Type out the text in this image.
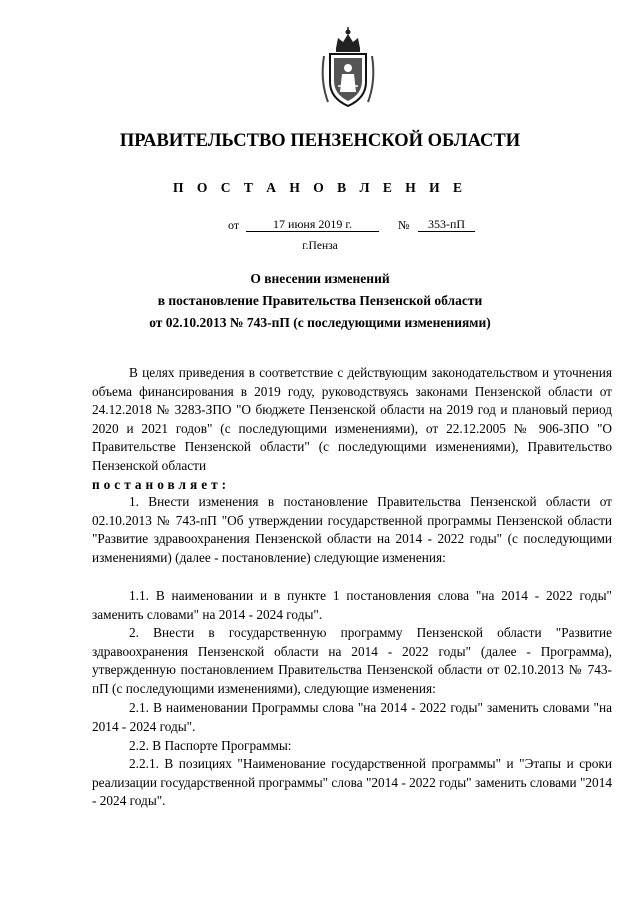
ПРАВИТЕЛЬСТВО ПЕНЗЕНСКОЙ ОБЛАСТИ
П О С Т А Н О В Л Е Н И Е
от	17 июня 2019 г.	№	353-пП
г.Пенза
О внесении изменений
в постановление Правительства Пензенской области
от 02.10.2013 № 743-пП (с последующими изменениями)

В целях приведения в соответствие с действующим законодательством и уточнения объема финансирования в 2019 году, руководствуясь законами Пензенской области от 24.12.2018 № 3283-ЗПО "О бюджете Пензенской области на 2019 год и плановый период 2020 и 2021 годов" (с последующими изменениями), от 22.12.2005 № 906-ЗПО "О Правительстве Пензенской области" (с последующими изменениями), Правительство Пензенской области
постановляет:

1. Внести изменения в постановление Правительства Пензенской области от 02.10.2013 № 743-пП "Об утверждении государственной программы Пензенской области "Развитие здравоохранения Пензенской области на 2014 - 2022 годы" (с последующими изменениями) (далее - постановление) следующие изменения:

1.1. В наименовании и в пункте 1 постановления слова "на 2014 - 2022 годы" заменить словами" на 2014 - 2024 годы".

2. Внести в государственную программу Пензенской области "Развитие здравоохранения Пензенской области на 2014 - 2022 годы" (далее - Программа), утвержденную постановлением Правительства Пензенской области от 02.10.2013 № 743-пП (с последующими изменениями), следующие изменения:

2.1. В наименовании Программы слова "на 2014 - 2022 годы" заменить словами "на 2014 - 2024 годы".

2.2. В Паспорте Программы:

2.2.1. В позициях "Наименование государственной программы" и "Этапы и сроки реализации государственной программы" слова "2014 - 2022 годы" заменить словами "2014 - 2024 годы".
